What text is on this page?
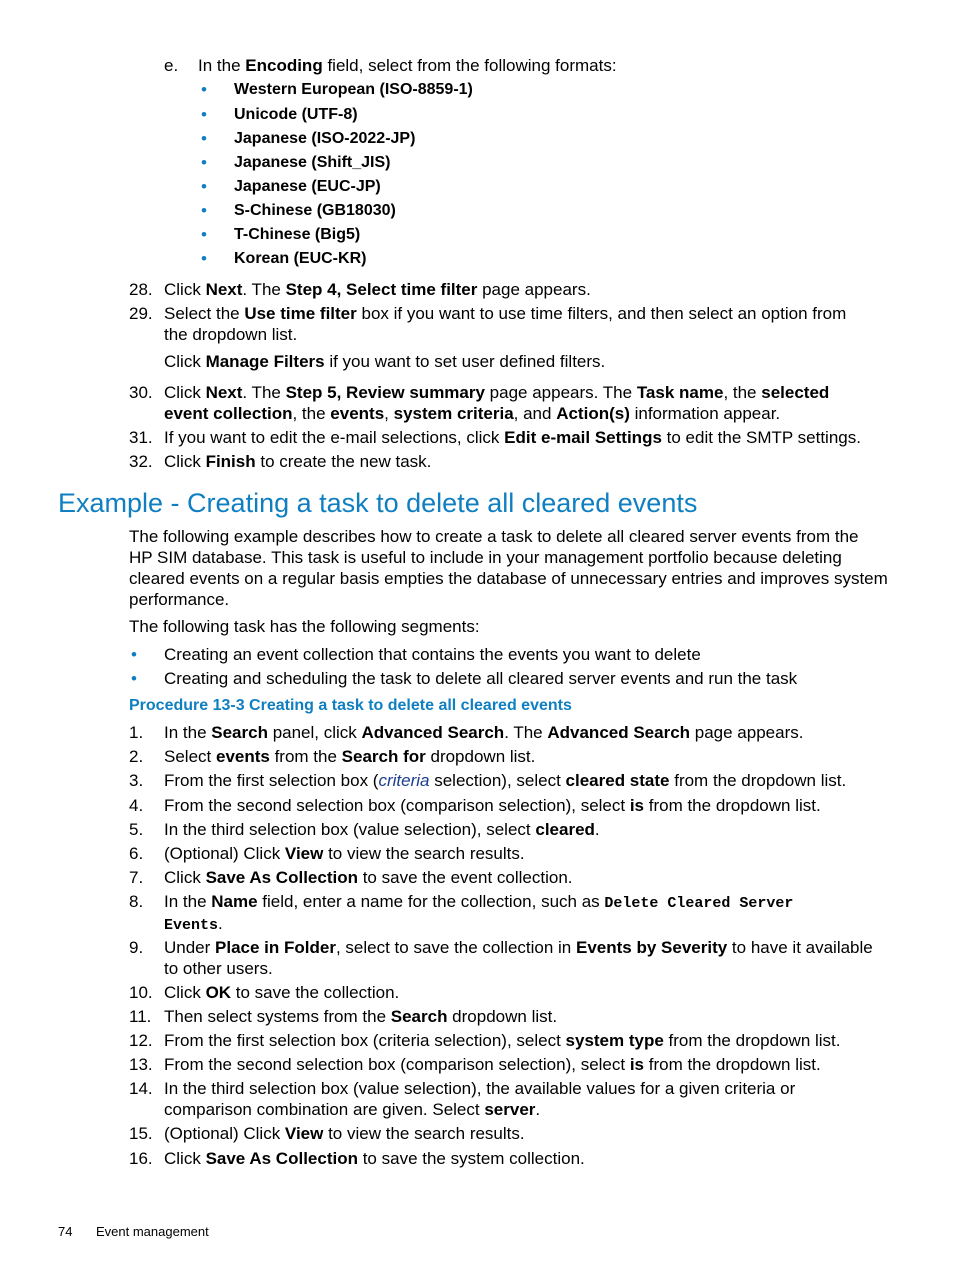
e. In the Encoding field, select from the following formats:
• Western European (ISO-8859-1)
• Unicode (UTF-8)
• Japanese (ISO-2022-JP)
• Japanese (Shift_JIS)
• Japanese (EUC-JP)
• S-Chinese (GB18030)
• T-Chinese (Big5)
• Korean (EUC-KR)
28. Click Next. The Step 4, Select time filter page appears.
29. Select the Use time filter box if you want to use time filters, and then select an option from
the dropdown list.
Click Manage Filters if you want to set user defined filters.
30. Click Next. The Step 5, Review summary page appears. The Task name, the selected
event collection, the events, system criteria, and Action(s) information appear.
31. If you want to edit the e-mail selections, click Edit e-mail Settings to edit the SMTP settings.
32. Click Finish to create the new task.
Example - Creating a task to delete all cleared events
The following example describes how to create a task to delete all cleared server events from the
HP SIM database. This task is useful to include in your management portfolio because deleting
cleared events on a regular basis empties the database of unnecessary entries and improves system
performance.
The following task has the following segments:
• Creating an event collection that contains the events you want to delete
• Creating and scheduling the task to delete all cleared server events and run the task
Procedure 13-3 Creating a task to delete all cleared events
1. In the Search panel, click Advanced Search. The Advanced Search page appears.
2. Select events from the Search for dropdown list.
3. From the first selection box (criteria selection), select cleared state from the dropdown list.
4. From the second selection box (comparison selection), select is from the dropdown list.
5. In the third selection box (value selection), select cleared.
6. (Optional) Click View to view the search results.
7. Click Save As Collection to save the event collection.
8. In the Name field, enter a name for the collection, such as Delete Cleared Server
Events.
9. Under Place in Folder, select to save the collection in Events by Severity to have it available
to other users.
10. Click OK to save the collection.
11. Then select systems from the Search dropdown list.
12. From the first selection box (criteria selection), select system type from the dropdown list.
13. From the second selection box (comparison selection), select is from the dropdown list.
14. In the third selection box (value selection), the available values for a given criteria or
comparison combination are given. Select server.
15. (Optional) Click View to view the search results.
16. Click Save As Collection to save the system collection.
74 Event management
